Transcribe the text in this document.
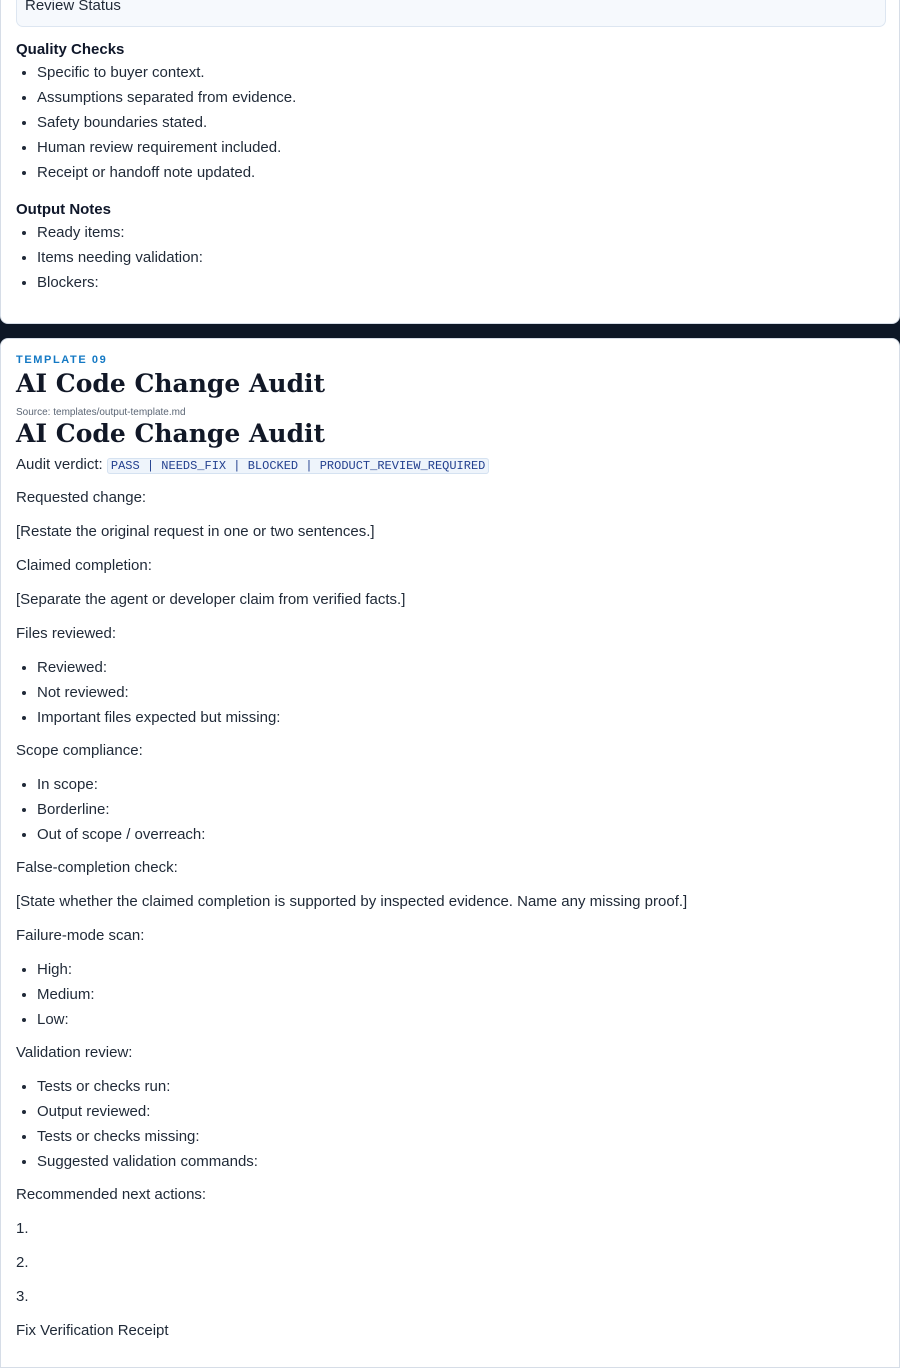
Review Status
Quality Checks
• Specific to buyer context.
• Assumptions separated from evidence.
• Safety boundaries stated.
• Human review requirement included.
• Receipt or handoff note updated.
Output Notes
• Ready items:
• Items needing validation:
• Blockers:
TEMPLATE 09
AI Code Change Audit
Source: templates/output-template.md
AI Code Change Audit

Audit verdict: PASS | NEEDS_FIX | BLOCKED | PRODUCT_REVIEW_REQUIRED

Requested change:

[Restate the original request in one or two sentences.]

Claimed completion:

[Separate the agent or developer claim from verified facts.]

Files reviewed:

• Reviewed:
• Not reviewed:
• Important files expected but missing:

Scope compliance:

• In scope:
• Borderline:
• Out of scope / overreach:

False-completion check:

[State whether the claimed completion is supported by inspected evidence. Name any missing proof.]

Failure-mode scan:

• High:
• Medium:
• Low:

Validation review:

• Tests or checks run:
• Output reviewed:
• Tests or checks missing:
• Suggested validation commands:

Recommended next actions:

1.

2.

3.

Fix Verification Receipt
